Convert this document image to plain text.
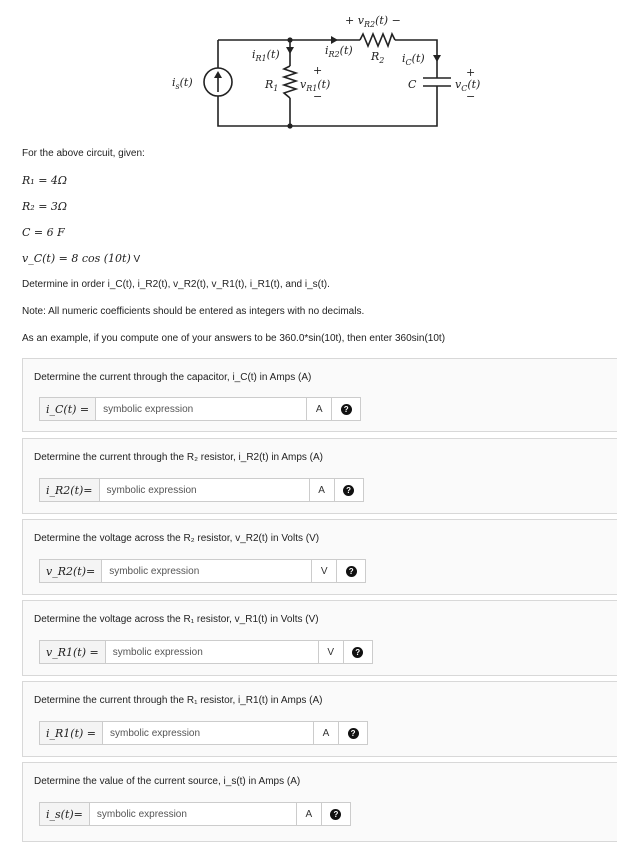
+ $v_{R2}(t)$ −
$i_{R1}(t)$	$i_{R2}(t)$ $R_2$ $i_C(t)$
$i_s(t)$	$R_1$
+
$v_{R1}(t)$
−
C
+
$v_C(t)$
−
For the above circuit, given:
R₁ = 4Ω
R₂ = 3Ω
C = 6 F
v_C(t) = 8 cos (10t) V
Determine in order i_C(t), i_R2(t), v_R2(t), v_R1(t), i_R1(t), and i_s(t).
Note: All numeric coefficients should be entered as integers with no decimals.
As an example, if you compute one of your answers to be 360.0*sin(10t), then enter 360sin(10t)
Determine the current through the capacitor, i_C(t) in Amps (A)
i_C(t) =
symbolic expression	A	?
Determine the current through the R₂ resistor, i_R2(t) in Amps (A)
i_R2(t)=
symbolic expression	A	?
Determine the voltage across the R₂ resistor, v_R2(t) in Volts (V)
v_R2(t)=
symbolic expression	V	?
Determine the voltage across the R₁ resistor, v_R1(t) in Volts (V)
v_R1(t) =
symbolic expression	V	?
Determine the current through the R₁ resistor, i_R1(t) in Amps (A)
i_R1(t) =
symbolic expression	A	?
Determine the value of the current source, i_s(t) in Amps (A)
i_s(t)=
symbolic expression	A	?
